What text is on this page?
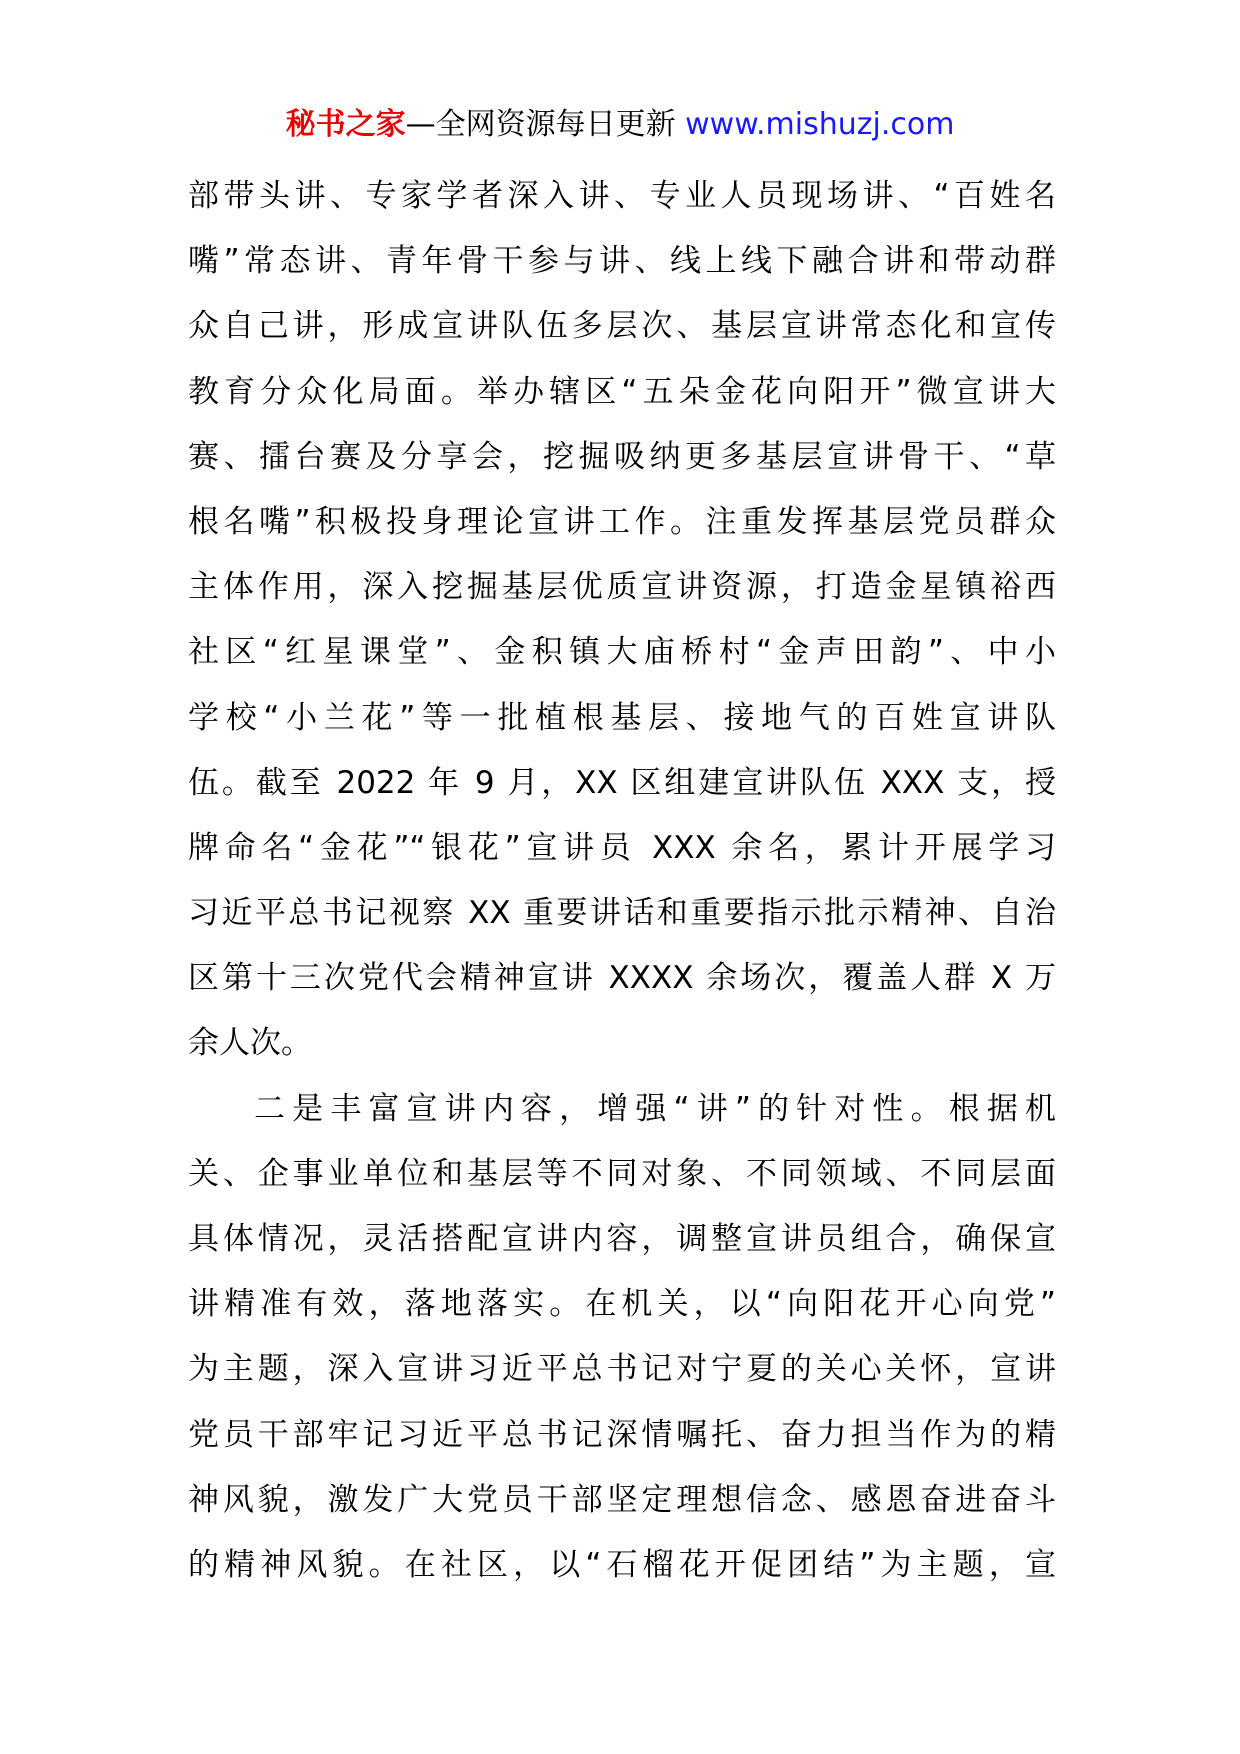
秘书之家—全网资源每日更新 www.mishuzj.com
部带头讲、专家学者深入讲、专业人员现场讲、“百姓名
嘴”常态讲、青年骨干参与讲、线上线下融合讲和带动群
众自己讲，形成宣讲队伍多层次、基层宣讲常态化和宣传
教育分众化局面。举办辖区“五朵金花向阳开”微宣讲大
赛、擂台赛及分享会，挖掘吸纳更多基层宣讲骨干、“草
根名嘴”积极投身理论宣讲工作。注重发挥基层党员群众
主体作用，深入挖掘基层优质宣讲资源，打造金星镇裕西
社区“红星课堂”、金积镇大庙桥村“金声田韵”、中小
学校“小兰花”等一批植根基层、接地气的百姓宣讲队
伍。截至 2022 年 9 月，XX 区组建宣讲队伍 XXX 支，授
牌命名“金花”“银花”宣讲员 XXX 余名，累计开展学习
习近平总书记视察 XX 重要讲话和重要指示批示精神、自治
区第十三次党代会精神宣讲 XXXX 余场次，覆盖人群 X 万
余人次。
二是丰富宣讲内容，增强“讲”的针对性。根据机
关、企事业单位和基层等不同对象、不同领域、不同层面
具体情况，灵活搭配宣讲内容，调整宣讲员组合，确保宣
讲精准有效，落地落实。在机关，以“向阳花开心向党”
为主题，深入宣讲习近平总书记对宁夏的关心关怀，宣讲
党员干部牢记习近平总书记深情嘱托、奋力担当作为的精
神风貌，激发广大党员干部坚定理想信念、感恩奋进奋斗
的精神风貌。在社区，以“石榴花开促团结”为主题，宣
